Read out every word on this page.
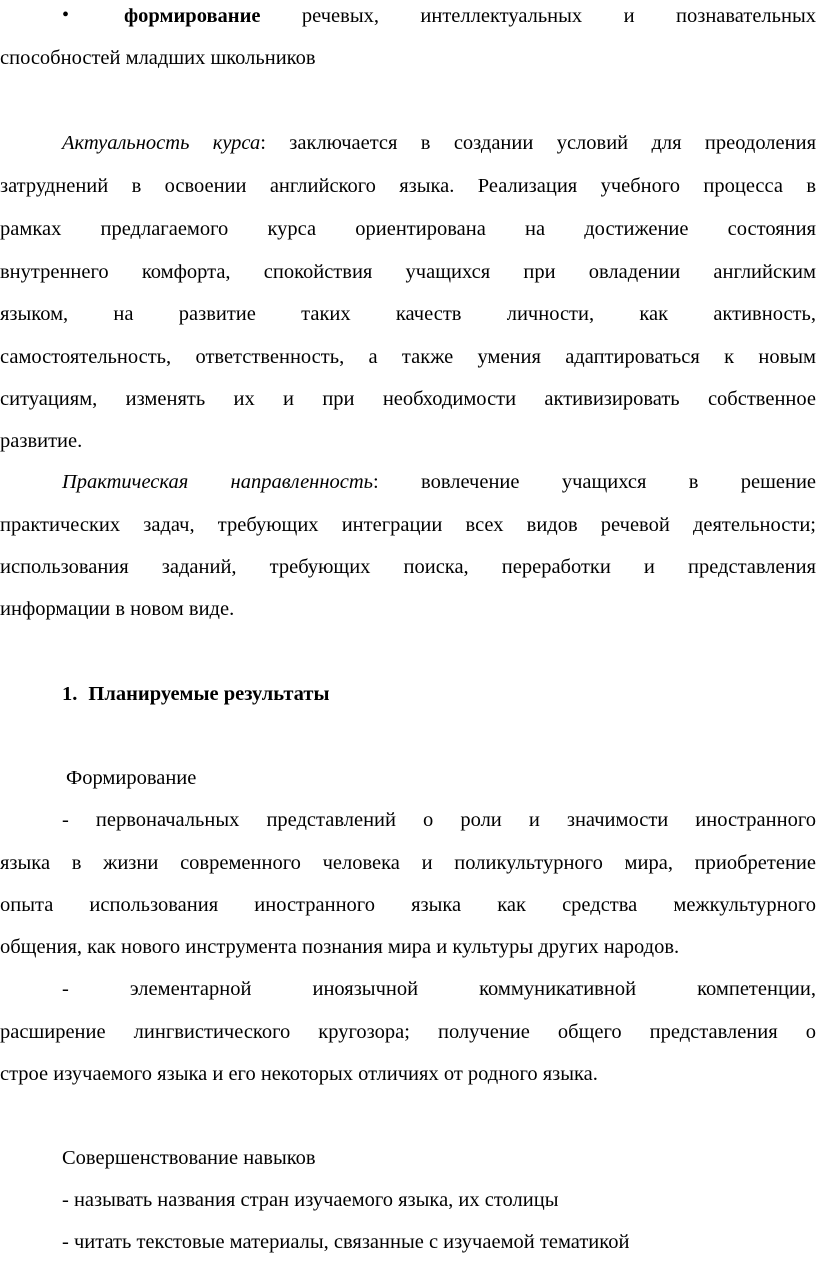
•	формирование речевых, интеллектуальных и познавательных
способностей младших школьников
Актуальность курса: заключается в создании условий для преодоления
затруднений в освоении английского языка. Реализация учебного процесса в
рамках предлагаемого курса ориентирована на достижение состояния
внутреннего комфорта, спокойствия учащихся при овладении английским
языком, на развитие таких качеств личности, как активность,
самостоятельность, ответственность, а также умения адаптироваться к новым
ситуациям, изменять их и при необходимости активизировать собственное
развитие.
Практическая направленность: вовлечение учащихся в решение
практических задач, требующих интеграции всех видов речевой деятельности;
использования заданий, требующих поиска, переработки и представления
информации в новом виде.
1. Планируемые результаты
Формирование
- первоначальных представлений о роли и значимости иностранного
языка в жизни современного человека и поликультурного мира, приобретение
опыта использования иностранного языка как средства межкультурного
общения, как нового инструмента познания мира и культуры других народов.
- элементарной иноязычной коммуникативной компетенции,
расширение лингвистического кругозора; получение общего представления о
строе изучаемого языка и его некоторых отличиях от родного языка.
Совершенствование навыков
- называть названия стран изучаемого языка, их столицы
- читать текстовые материалы, связанные с изучаемой тематикой
